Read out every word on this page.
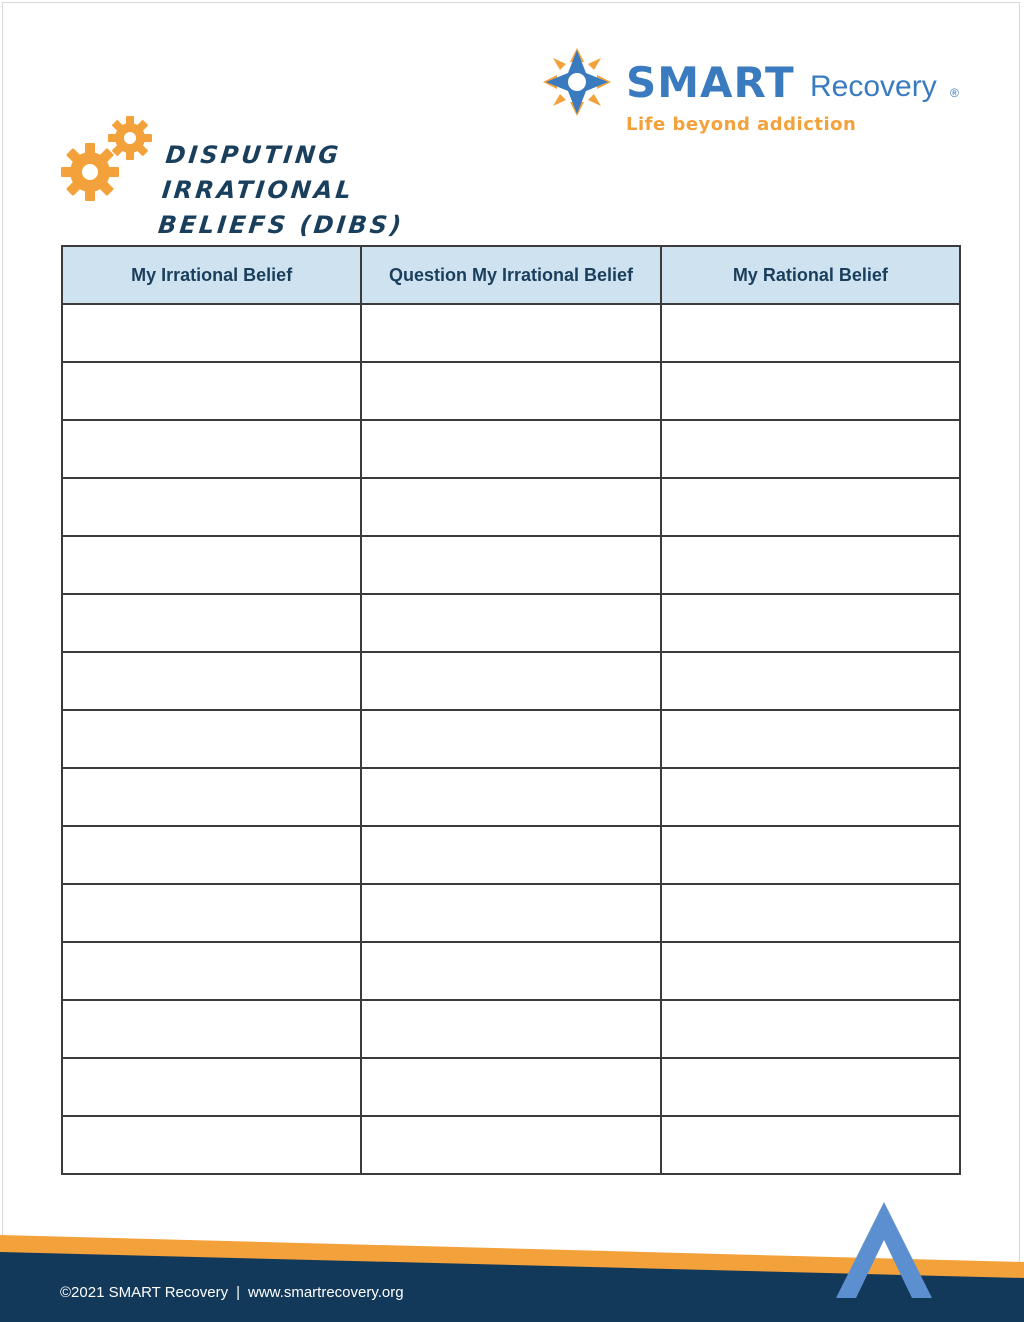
SMART Recovery ®
Life beyond addiction
DISPUTING IRRATIONAL
BELIEFS (DIBS)
My Irrational Belief	Question My Irrational Belief	My Rational Belief

©2021 SMART Recovery | www.smartrecovery.org
